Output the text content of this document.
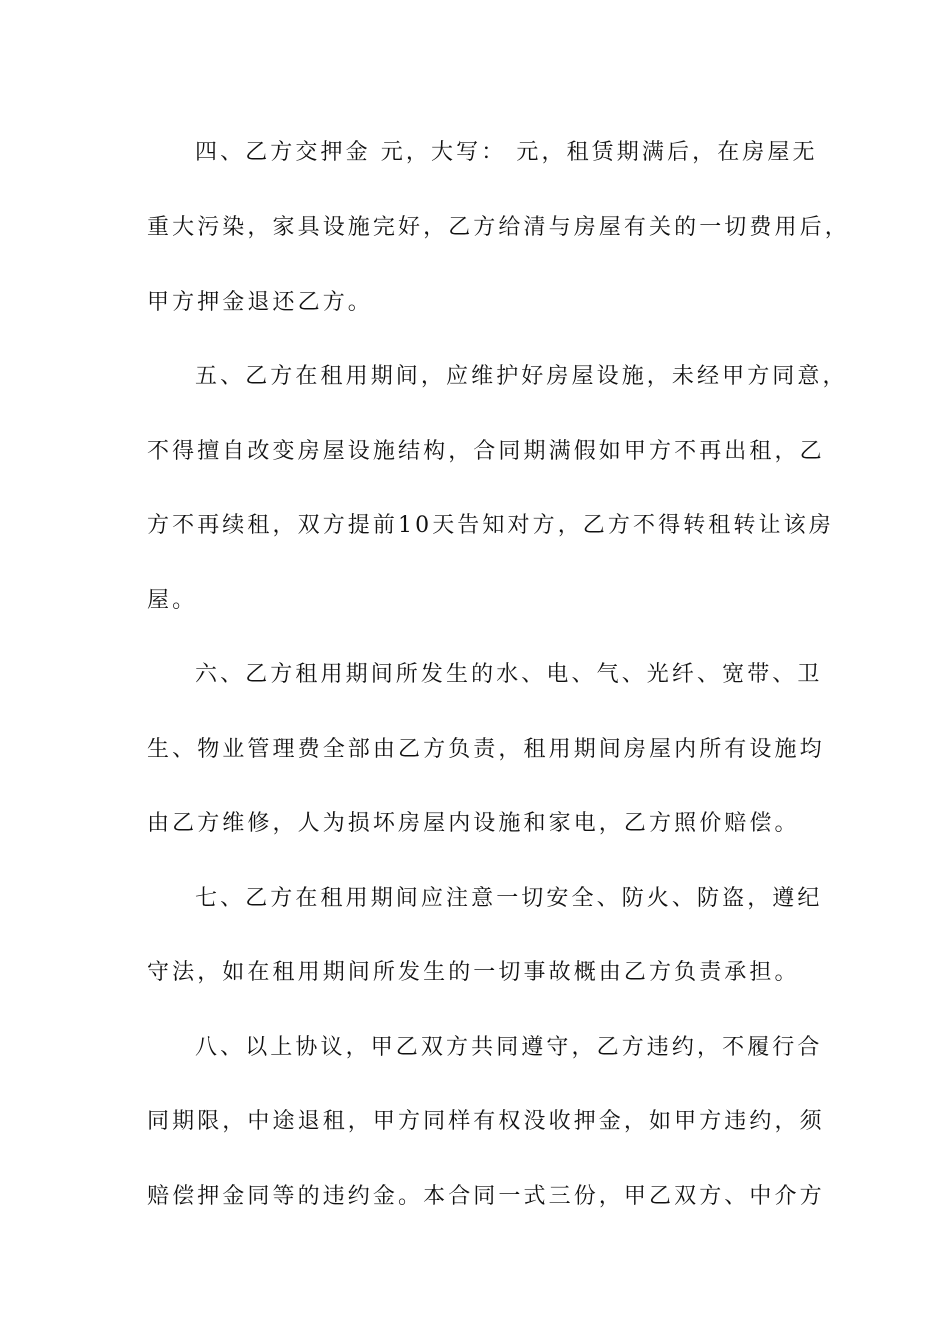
四、乙方交押金 元，大写： 元，租赁期满后，在房屋无
重大污染，家具设施完好，乙方给清与房屋有关的一切费用后，
甲方押金退还乙方。
五、乙方在租用期间，应维护好房屋设施，未经甲方同意，
不得擅自改变房屋设施结构，合同期满假如甲方不再出租，乙
方不再续租，双方提前10天告知对方，乙方不得转租转让该房
屋。
六、乙方租用期间所发生的水、电、气、光纤、宽带、卫
生、物业管理费全部由乙方负责，租用期间房屋内所有设施均
由乙方维修，人为损坏房屋内设施和家电，乙方照价赔偿。
七、乙方在租用期间应注意一切安全、防火、防盗，遵纪
守法，如在租用期间所发生的一切事故概由乙方负责承担。
八、以上协议，甲乙双方共同遵守，乙方违约，不履行合
同期限，中途退租，甲方同样有权没收押金，如甲方违约，须
赔偿押金同等的违约金。本合同一式三份，甲乙双方、中介方
